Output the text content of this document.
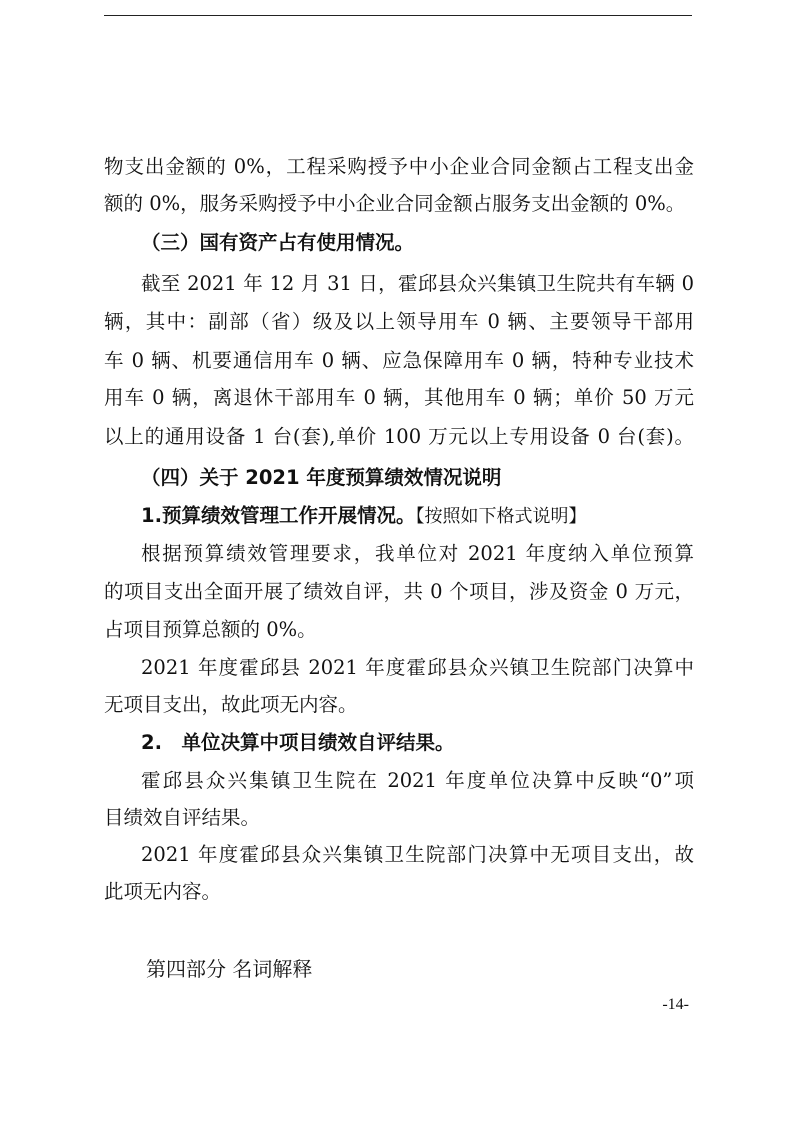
物支出金额的 0%，工程采购授予中小企业合同金额占工程支出金
额的 0%，服务采购授予中小企业合同金额占服务支出金额的 0%。
（三）国有资产占有使用情况。
截至 2021 年 12 月 31 日，霍邱县众兴集镇卫生院共有车辆 0
辆，其中：副部（省）级及以上领导用车 0 辆、主要领导干部用
车 0 辆、机要通信用车 0 辆、应急保障用车 0 辆，特种专业技术
用车 0 辆，离退休干部用车 0 辆，其他用车 0 辆；单价 50 万元
以上的通用设备 1 台(套),单价 100 万元以上专用设备 0 台(套)。
（四）关于 2021 年度预算绩效情况说明
1.预算绩效管理工作开展情况。【按照如下格式说明】
根据预算绩效管理要求，我单位对 2021 年度纳入单位预算
的项目支出全面开展了绩效自评，共 0 个项目，涉及资金 0 万元，
占项目预算总额的 0%。
2021 年度霍邱县 2021 年度霍邱县众兴镇卫生院部门决算中
无项目支出，故此项无内容。
2.　单位决算中项目绩效自评结果。
霍邱县众兴集镇卫生院在 2021 年度单位决算中反映“0”项
目绩效自评结果。
2021 年度霍邱县众兴集镇卫生院部门决算中无项目支出，故
此项无内容。
第四部分 名词解释
-14-
